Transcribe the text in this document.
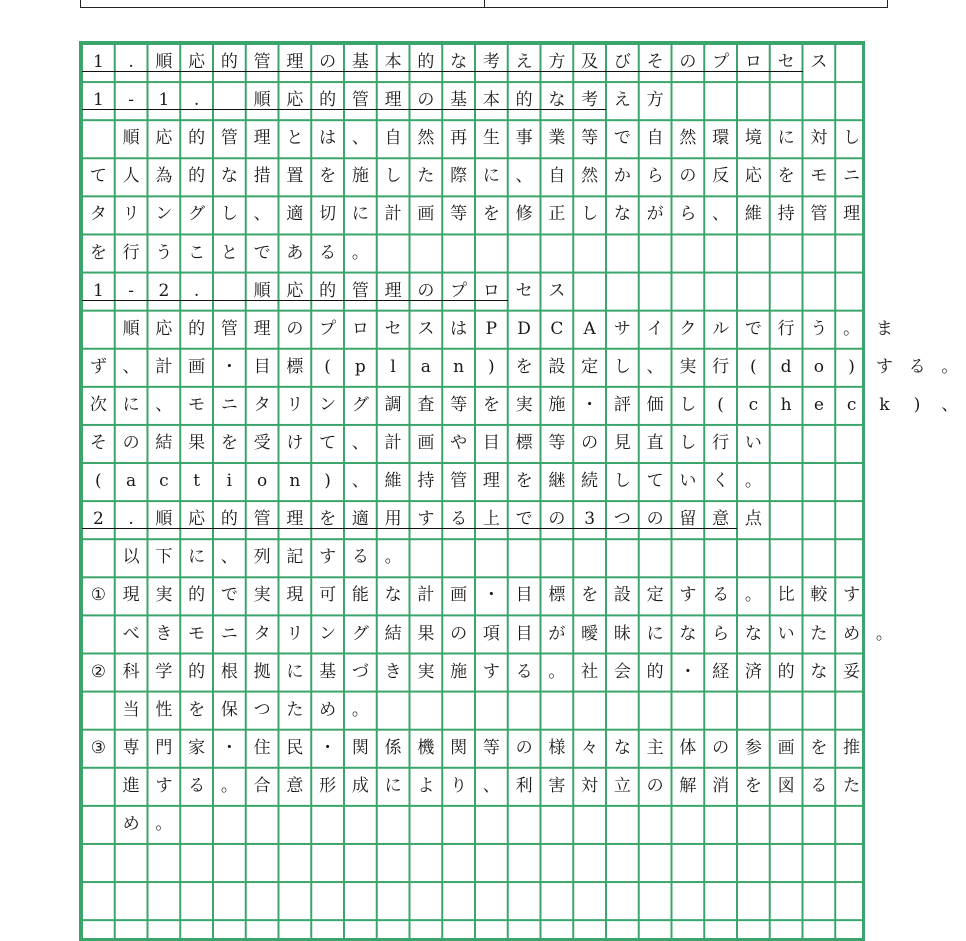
1	.	順 応 的 管 理 の 基 本 的 な 考 え 方 及 び そ の プ ロ セ ス
1	-	1	.	順 応 的 管 理 の 基 本 的 な 考 え 方
順 応 的 管 理 と は 、 自 然 再 生 事 業 等 で 自 然 環 境 に 対 し
て 人 為 的 な 措 置 を 施 し た 際 に 、 自 然 か ら の 反 応 を モ ニ
タ リ ン グ し 、 適 切 に 計 画 等 を 修 正 し な が ら 、 維 持 管 理
を 行 う こ と で あ る 。
1	-	2	.	順 応 的 管 理 の プ ロ セ ス
順 応 的 管 理 の プ ロ セ ス は	P	D	C	A	サ イ ク ル で 行 う 。 ま
ず 、 計 画 ・ 目 標	(	p	l	a	n	)	を 設 定 し 、 実 行	(	d	o	)	す る 。
次 に 、 モ ニ タ リ ン グ 調 査 等 を 実 施 ・ 評 価 し	(	c	h	e	c	k	)	、
そ の 結 果 を 受 け て 、 計 画 や 目 標 等 の 見 直 し 行 い
(	a	c	t	i	o	n	)	、 維 持 管 理 を 継 続 し て い く 。
2	.	順 応 的 管 理 を 適 用 す る 上 で の	3	つ の 留 意 点
以 下 に 、 列 記 す る 。
① 現 実 的 で 実 現 可 能 な 計 画 ・ 目 標 を 設 定 す る 。 比 較 す
べ き モ ニ タ リ ン グ 結 果 の 項 目 が 曖 昧 に な ら な い た め 。
② 科 学 的 根 拠 に 基 づ き 実 施 す る 。 社 会 的 ・ 経 済 的 な 妥
当 性 を 保 つ た め 。
③ 専 門 家 ・ 住 民 ・ 関 係 機 関 等 の 様 々 な 主 体 の 参 画 を 推
進 す る 。 合 意 形 成 に よ り 、 利 害 対 立 の 解 消 を 図 る た
め 。
